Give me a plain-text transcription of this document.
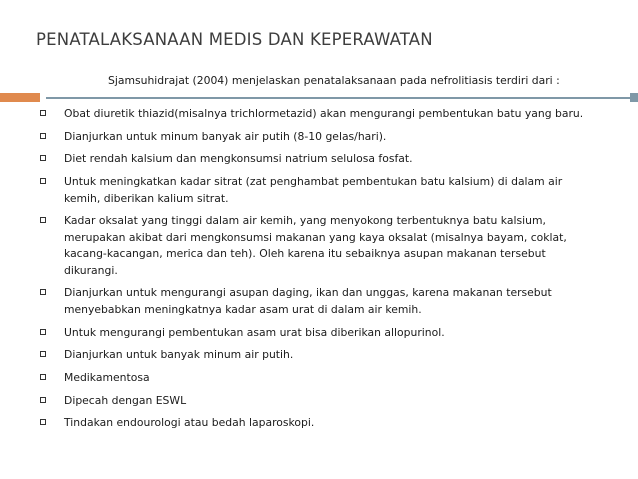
PENATALAKSANAAN MEDIS DAN KEPERAWATAN
Sjamsuhidrajat (2004) menjelaskan penatalaksanaan pada nefrolitiasis terdiri dari :
Obat diuretik thiazid(misalnya trichlormetazid) akan mengurangi pembentukan batu yang baru.
Dianjurkan untuk minum banyak air putih (8-10 gelas/hari).
Diet rendah kalsium dan mengkonsumsi natrium selulosa fosfat.
Untuk meningkatkan kadar sitrat (zat penghambat pembentukan batu kalsium) di dalam air kemih, diberikan kalium sitrat.
Kadar oksalat yang tinggi dalam air kemih, yang menyokong terbentuknya batu kalsium, merupakan akibat dari mengkonsumsi makanan yang kaya oksalat (misalnya bayam, coklat, kacang-kacangan, merica dan teh). Oleh karena itu sebaiknya asupan makanan tersebut dikurangi.
Dianjurkan untuk mengurangi asupan daging, ikan dan unggas, karena makanan tersebut menyebabkan meningkatnya kadar asam urat di dalam air kemih.
Untuk mengurangi pembentukan asam urat bisa diberikan allopurinol.
Dianjurkan untuk banyak minum air putih.
Medikamentosa
Dipecah dengan ESWL
Tindakan endourologi atau bedah laparoskopi.
